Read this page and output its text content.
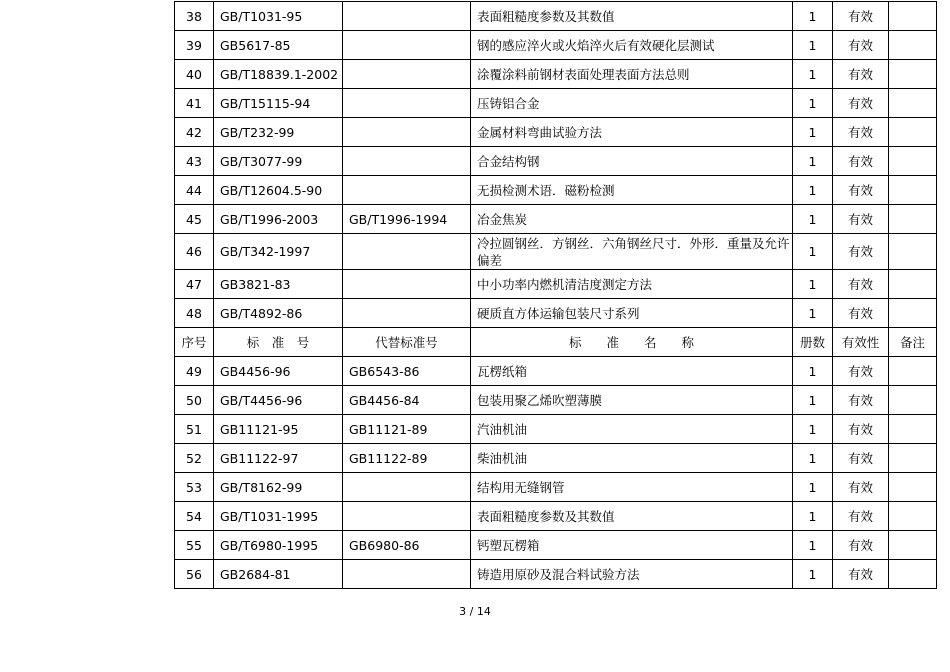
38	GB/T1031-95		表面粗糙度参数及其数值	1	有效	
39	GB5617-85		钢的感应淬火或火焰淬火后有效硬化层测试	1	有效	
40	GB/T18839.1-2002		涂覆涂料前钢材表面处理表面方法总则	1	有效	
41	GB/T15115-94		压铸铝合金	1	有效	
42	GB/T232-99		金属材料弯曲试验方法	1	有效	
43	GB/T3077-99		合金结构钢	1	有效	
44	GB/T12604.5-90		无损检测术语．磁粉检测	1	有效	
45	GB/T1996-2003	GB/T1996-1994	冶金焦炭	1	有效	
46	GB/T342-1997		冷拉圆钢丝．方钢丝．六角钢丝尺寸．外形．重量及允许偏差	1	有效	
47	GB3821-83		中小功率内燃机清洁度测定方法	1	有效	
48	GB/T4892-86		硬质直方体运输包装尺寸系列	1	有效	
序号	标　准　号	代替标准号	标　　准　　名　　称	册数	有效性	备注
49	GB4456-96	GB6543-86	瓦楞纸箱	1	有效	
50	GB/T4456-96	GB4456-84	包装用聚乙烯吹塑薄膜	1	有效	
51	GB11121-95	GB11121-89	汽油机油	1	有效	
52	GB11122-97	GB11122-89	柴油机油	1	有效	
53	GB/T8162-99		结构用无缝钢管	1	有效	
54	GB/T1031-1995		表面粗糙度参数及其数值	1	有效	
55	GB/T6980-1995	GB6980-86	钙塑瓦楞箱	1	有效	
56	GB2684-81		铸造用原砂及混合料试验方法	1	有效	
3 / 14
